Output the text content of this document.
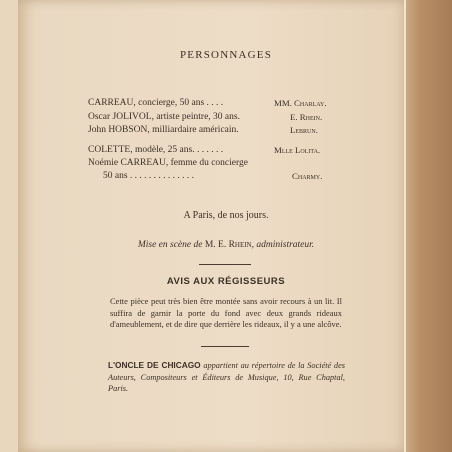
PERSONNAGES
CARREAU, concierge, 50 ans . . . .	MM. Charlay.
Oscar JOLIVOL, artiste peintre, 30 ans.	E. Rhein.
John HOBSON, milliardaire américain.	Lebrun.
COLETTE, modèle, 25 ans. . . . . . .	Mlle Lolita.
Noémie CARREAU, femme du concierge
50 ans . . . . . . . . . . . . . .	Charmy.
A Paris, de nos jours.
Mise en scène de M. E. Rhein, administrateur.
AVIS AUX RÉGISSEURS
Cette pièce peut très bien être montée sans avoir recours à un lit. Il suffira de garnir la porte du fond avec deux grands rideaux d'ameublement, et de dire que derrière les rideaux, il y a une alcôve.
L'ONCLE DE CHICAGO appartient au répertoire de la Société des Auteurs, Compositeurs et Éditeurs de Musique, 10, Rue Chaptal, Paris.
